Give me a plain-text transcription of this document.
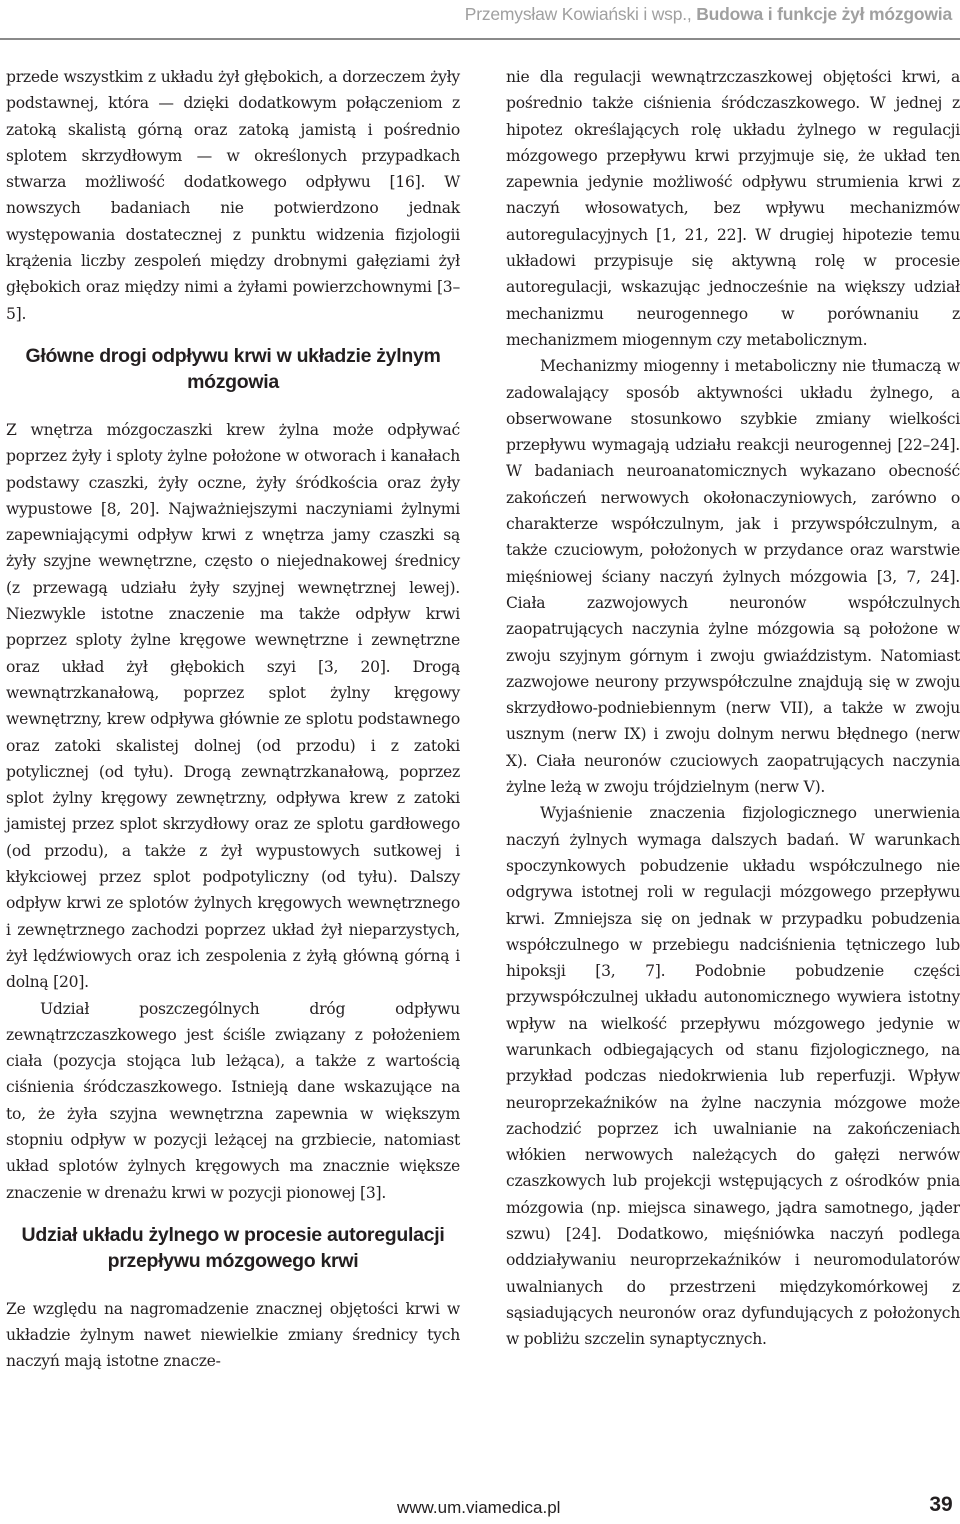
Przemysław Kowiański i wsp., Budowa i funkcje żył mózgowia

przede wszystkim z układu żył głębokich, a dorzeczem żyły podstawnej, która — dzięki dodatkowym połączeniom z zatoką skalistą górną oraz zatoką jamistą i pośrednio splotem skrzydłowym — w określonych przypadkach stwarza możliwość dodatkowego odpływu [16]. W nowszych badaniach nie potwierdzono jednak występowania dostatecznej z punktu widzenia fizjologii krążenia liczby zespoleń między drobnymi gałęziami żył głębokich oraz między nimi a żyłami powierzchownymi [3–5].

Główne drogi odpływu krwi w układzie żylnym mózgowia

Z wnętrza mózgoczaszki krew żylna może odpływać poprzez żyły i sploty żylne położone w otworach i kanałach podstawy czaszki, żyły oczne, żyły śródkościa oraz żyły wypustowe [8, 20]. Najważniejszymi naczyniami żylnymi zapewniającymi odpływ krwi z wnętrza jamy czaszki są żyły szyjne wewnętrzne, często o niejednakowej średnicy (z przewagą udziału żyły szyjnej wewnętrznej lewej). Niezwykle istotne znaczenie ma także odpływ krwi poprzez sploty żylne kręgowe wewnętrzne i zewnętrzne oraz układ żył głębokich szyi [3, 20]. Drogą wewnątrzkanałową, poprzez splot żylny kręgowy wewnętrzny, krew odpływa głównie ze splotu podstawnego oraz zatoki skalistej dolnej (od przodu) i z zatoki potylicznej (od tyłu). Drogą zewnątrzkanałową, poprzez splot żylny kręgowy zewnętrzny, odpływa krew z zatoki jamistej przez splot skrzydłowy oraz ze splotu gardłowego (od przodu), a także z żył wypustowych sutkowej i kłykciowej przez splot podpotyliczny (od tyłu). Dalszy odpływ krwi ze splotów żylnych kręgowych wewnętrznego i zewnętrznego zachodzi poprzez układ żył nieparzystych, żył lędźwiowych oraz ich zespolenia z żyłą główną górną i dolną [20].

Udział poszczególnych dróg odpływu zewnątrzczaszkowego jest ściśle związany z położeniem ciała (pozycja stojąca lub leżąca), a także z wartością ciśnienia śródczaszkowego. Istnieją dane wskazujące na to, że żyła szyjna wewnętrzna zapewnia w większym stopniu odpływ w pozycji leżącej na grzbiecie, natomiast układ splotów żylnych kręgowych ma znacznie większe znaczenie w drenażu krwi w pozycji pionowej [3].

Udział układu żylnego w procesie autoregulacji przepływu mózgowego krwi

Ze względu na nagromadzenie znacznej objętości krwi w układzie żylnym nawet niewielkie zmiany średnicy tych naczyń mają istotne znacze-

nie dla regulacji wewnątrzczaszkowej objętości krwi, a pośrednio także ciśnienia śródczaszkowego. W jednej z hipotez określających rolę układu żylnego w regulacji mózgowego przepływu krwi przyjmuje się, że układ ten zapewnia jedynie możliwość odpływu strumienia krwi z naczyń włosowatych, bez wpływu mechanizmów autoregulacyjnych [1, 21, 22]. W drugiej hipotezie temu układowi przypisuje się aktywną rolę w procesie autoregulacji, wskazując jednocześnie na większy udział mechanizmu neurogennego w porównaniu z mechanizmem miogennym czy metabolicznym.

Mechanizmy miogenny i metaboliczny nie tłumaczą w zadowalający sposób aktywności układu żylnego, a obserwowane stosunkowo szybkie zmiany wielkości przepływu wymagają udziału reakcji neurogennej [22–24]. W badaniach neuroanatomicznych wykazano obecność zakończeń nerwowych okołonaczyniowych, zarówno o charakterze współczulnym, jak i przywspółczulnym, a także czuciowym, położonych w przydance oraz warstwie mięśniowej ściany naczyń żylnych mózgowia [3, 7, 24]. Ciała zazwojowych neuronów współczulnych zaopatrujących naczynia żylne mózgowia są położone w zwoju szyjnym górnym i zwoju gwiaździstym. Natomiast zazwojowe neurony przywspółczulne znajdują się w zwoju skrzydłowo-podniebiennym (nerw VII), a także w zwoju usznym (nerw IX) i zwoju dolnym nerwu błędnego (nerw X). Ciała neuronów czuciowych zaopatrujących naczynia żylne leżą w zwoju trójdzielnym (nerw V).

Wyjaśnienie znaczenia fizjologicznego unerwienia naczyń żylnych wymaga dalszych badań. W warunkach spoczynkowych pobudzenie układu współczulnego nie odgrywa istotnej roli w regulacji mózgowego przepływu krwi. Zmniejsza się on jednak w przypadku pobudzenia współczulnego w przebiegu nadciśnienia tętniczego lub hipoksji [3, 7]. Podobnie pobudzenie części przywspółczulnej układu autonomicznego wywiera istotny wpływ na wielkość przepływu mózgowego jedynie w warunkach odbiegających od stanu fizjologicznego, na przykład podczas niedokrwienia lub reperfuzji. Wpływ neuroprzekaźników na żylne naczynia mózgowe może zachodzić poprzez ich uwalnianie na zakończeniach włókien nerwowych należących do gałęzi nerwów czaszkowych lub projekcji wstępujących z ośrodków pnia mózgowia (np. miejsca sinawego, jądra samotnego, jąder szwu) [24]. Dodatkowo, mięśniówka naczyń podlega oddziaływaniu neuroprzekaźników i neuromodulatorów uwalnianych do przestrzeni międzykomórkowej z sąsiadujących neuronów oraz dyfundujących z położonych w pobliżu szczelin synaptycznych.

www.um.viamedica.pl	39
